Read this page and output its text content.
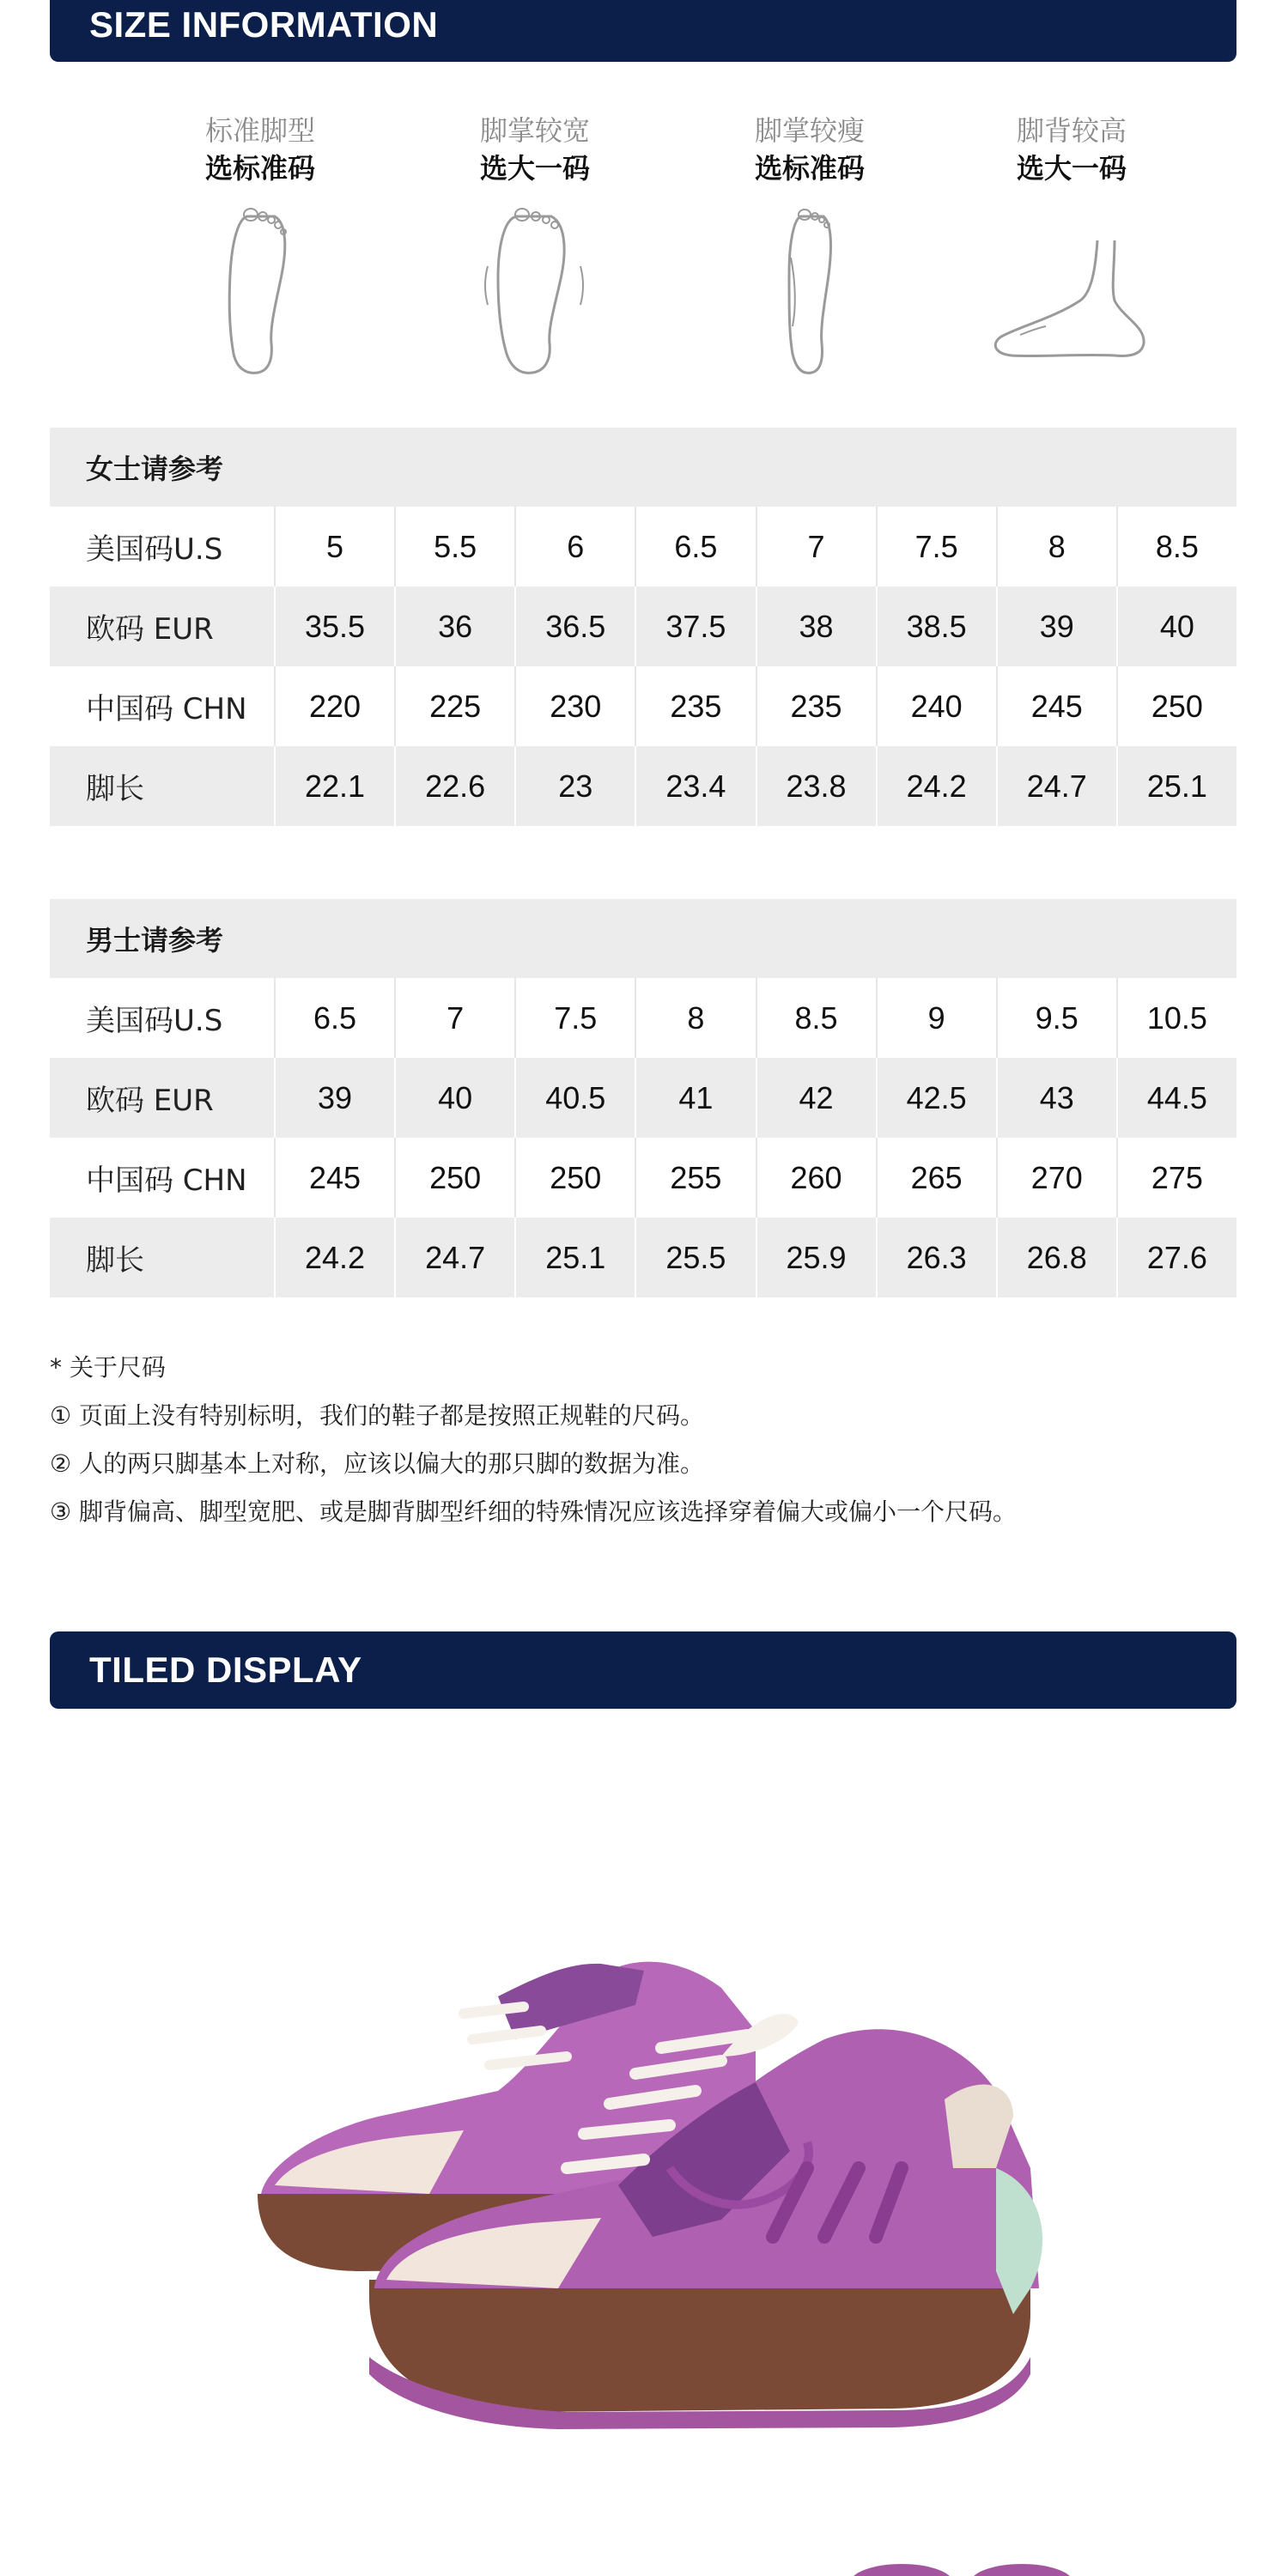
SIZE INFORMATION
标准脚型
选标准码
脚掌较宽
选大一码
脚掌较瘦
选标准码
脚背较高
选大一码
女士请参考
美国码U.S	5	5.5	6	6.5	7	7.5	8	8.5
欧码 EUR	35.5	36	36.5	37.5	38	38.5	39	40
中国码 CHN	220	225	230	235	235	240	245	250
脚长	22.1	22.6	23	23.4	23.8	24.2	24.7	25.1
男士请参考
美国码U.S	6.5	7	7.5	8	8.5	9	9.5	10.5
欧码 EUR	39	40	40.5	41	42	42.5	43	44.5
中国码 CHN	245	250	250	255	260	265	270	275
脚长	24.2	24.7	25.1	25.5	25.9	26.3	26.8	27.6
* 关于尺码
① 页面上没有特别标明，我们的鞋子都是按照正规鞋的尺码。
② 人的两只脚基本上对称，应该以偏大的那只脚的数据为准。
③ 脚背偏高、脚型宽肥、或是脚背脚型纤细的特殊情况应该选择穿着偏大或偏小一个尺码。
TILED DISPLAY
